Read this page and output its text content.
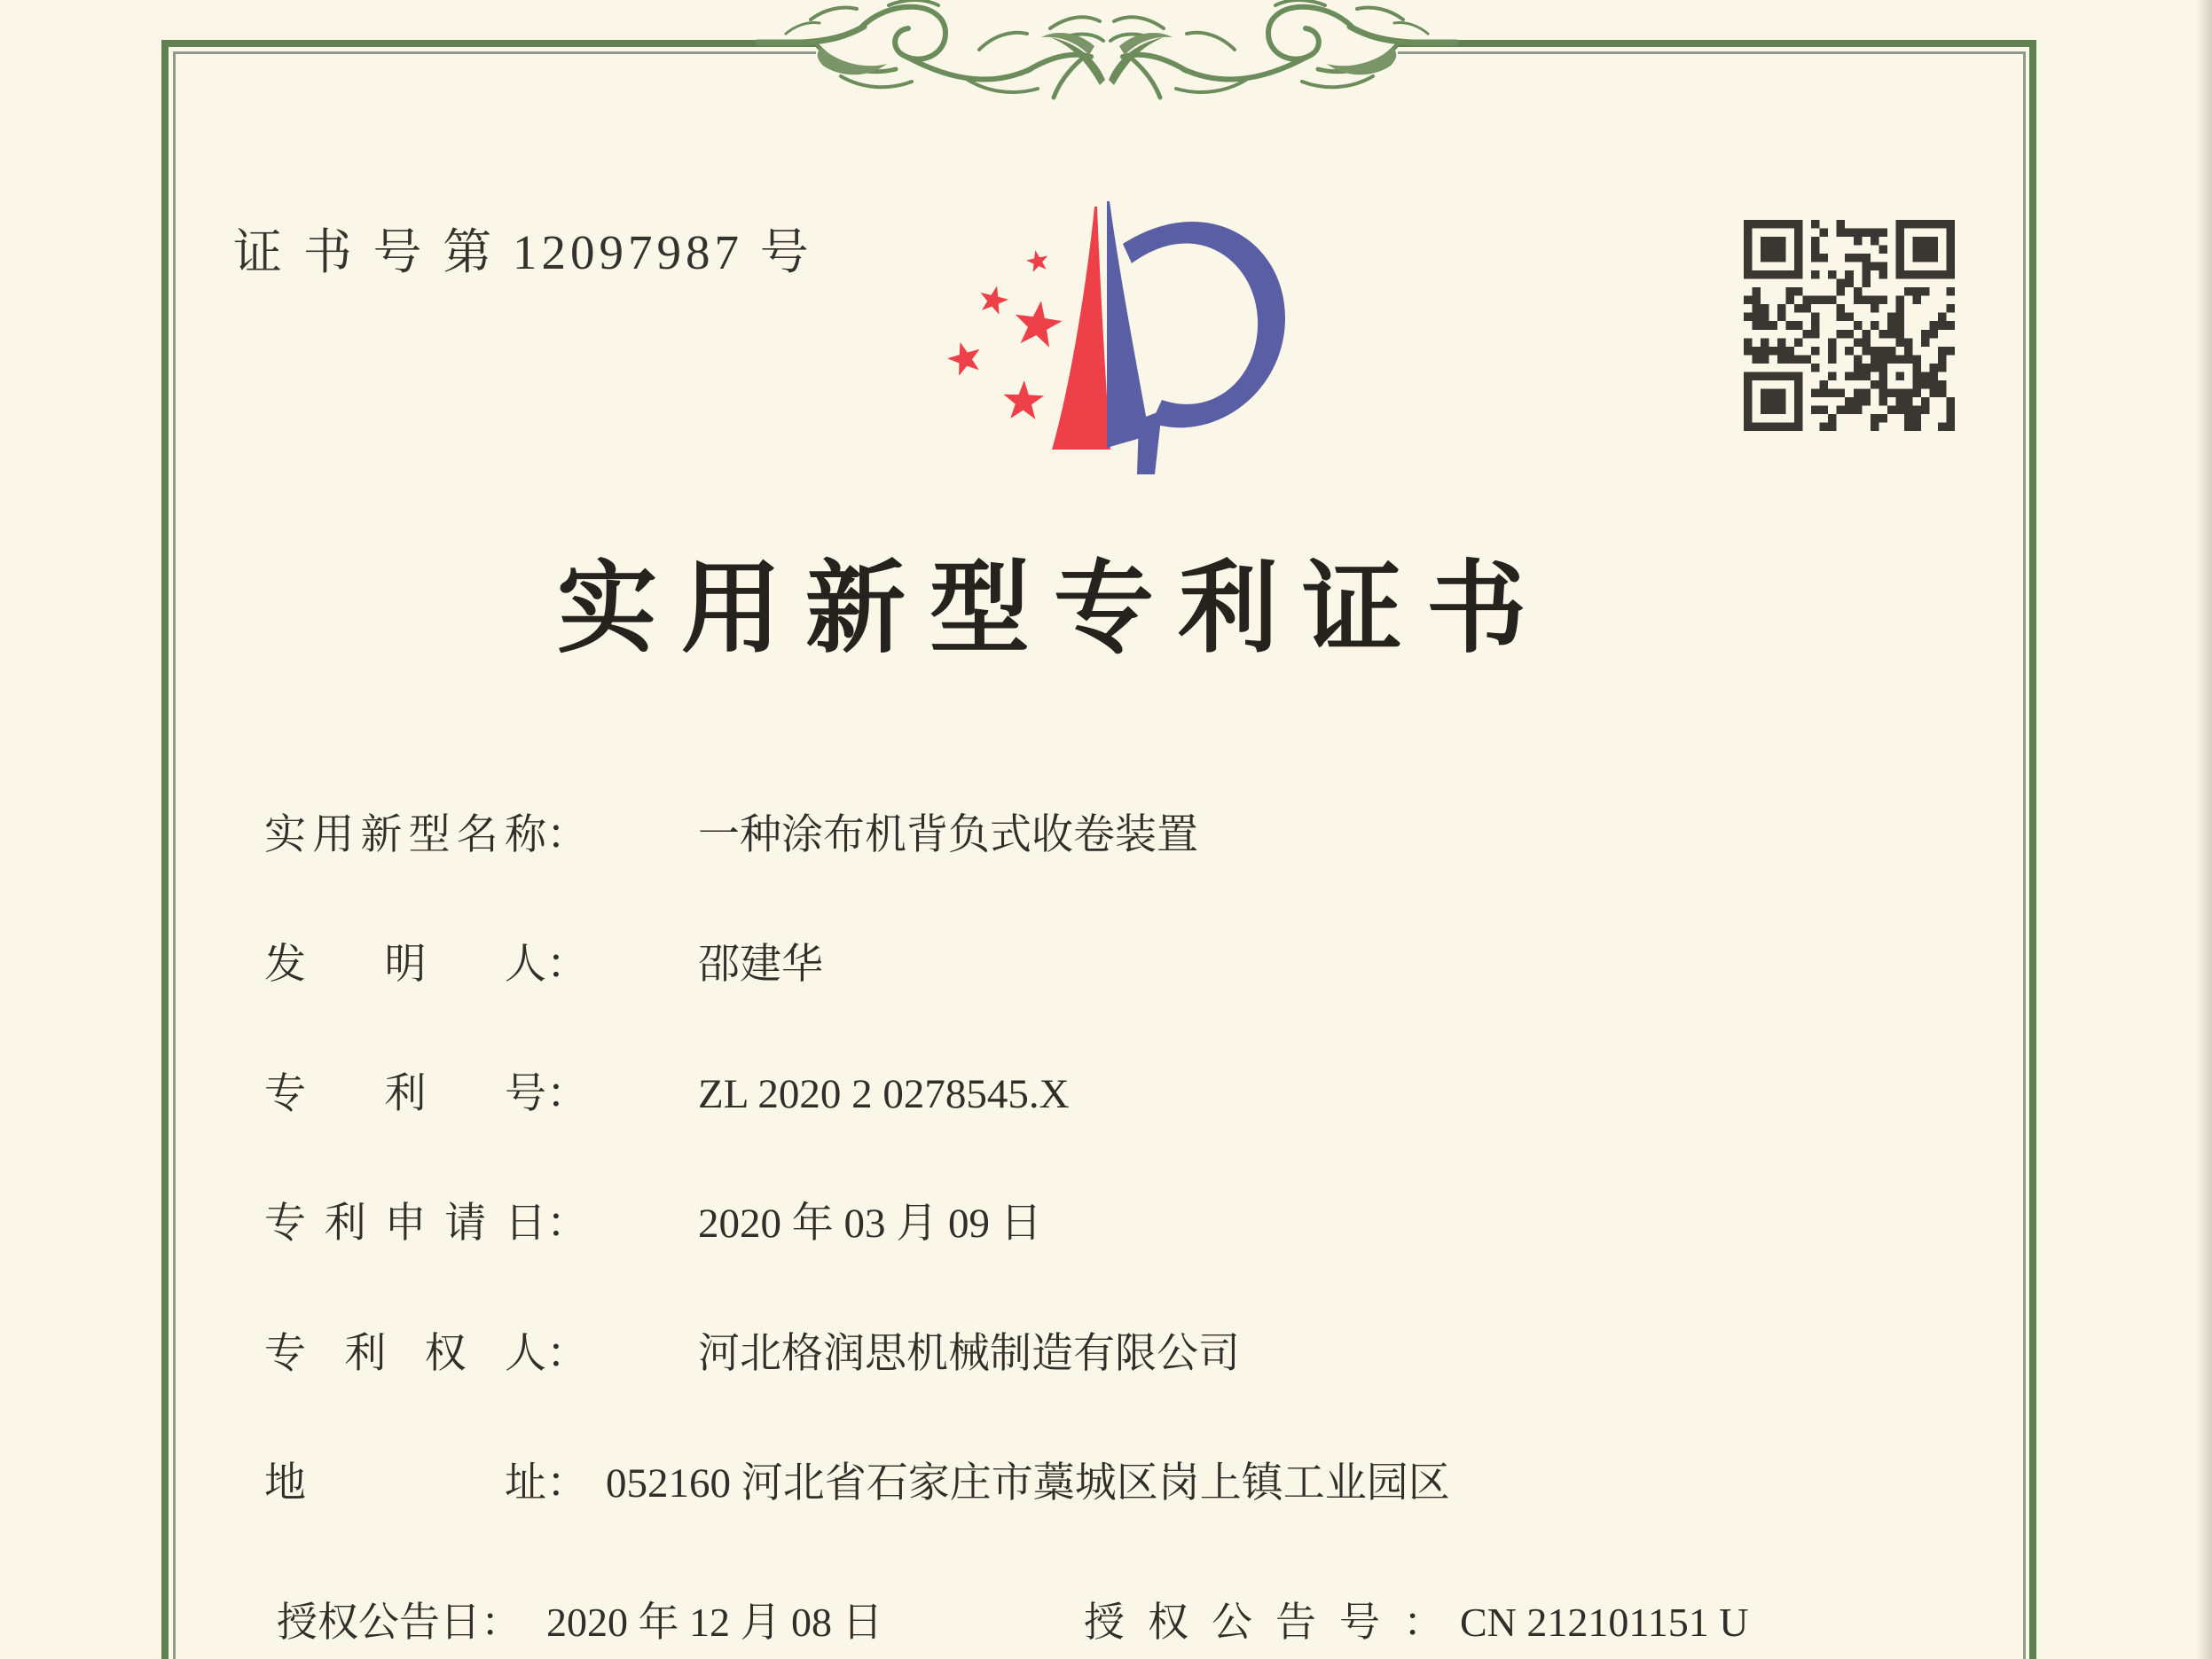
证 书 号 第 12097987 号
实用新型专利证书
实 用 新 型 名 称 ：	一种涂布机背负式收卷装置
发 明 人 ：	邵建华
专 利 号 ：	ZL 2020 2 0278545.X
专 利 申 请 日 ：	2020 年 03 月 09 日
专 利 权 人 ：	河北格润思机械制造有限公司
地	址 ： 052160 河北省石家庄市藁城区岗上镇工业园区
授权公告日： 2020 年 12 月 08 日	授权公告号： CN 212101151 U
